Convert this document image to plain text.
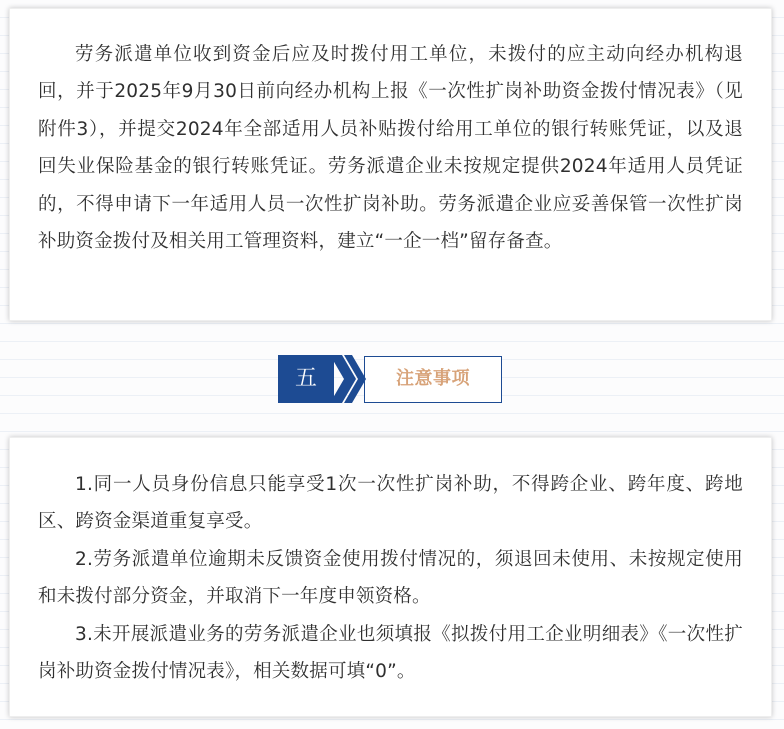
劳务派遣单位收到资金后应及时拨付用工单位，未拨付的应主动向经办机构退回，并于2025年9月30日前向经办机构上报《一次性扩岗补助资金拨付情况表》（见附件3），并提交2024年全部适用人员补贴拨付给用工单位的银行转账凭证，以及退回失业保险基金的银行转账凭证。劳务派遣企业未按规定提供2024年适用人员凭证的，不得申请下一年适用人员一次性扩岗补助。劳务派遣企业应妥善保管一次性扩岗补助资金拨付及相关用工管理资料，建立“一企一档”留存备查。

五	注意事项

1.同一人员身份信息只能享受1次一次性扩岗补助，不得跨企业、跨年度、跨地区、跨资金渠道重复享受。

2.劳务派遣单位逾期未反馈资金使用拨付情况的，须退回未使用、未按规定使用和未拨付部分资金，并取消下一年度申领资格。

3.未开展派遣业务的劳务派遣企业也须填报《拟拨付用工企业明细表》《一次性扩岗补助资金拨付情况表》，相关数据可填“0”。
